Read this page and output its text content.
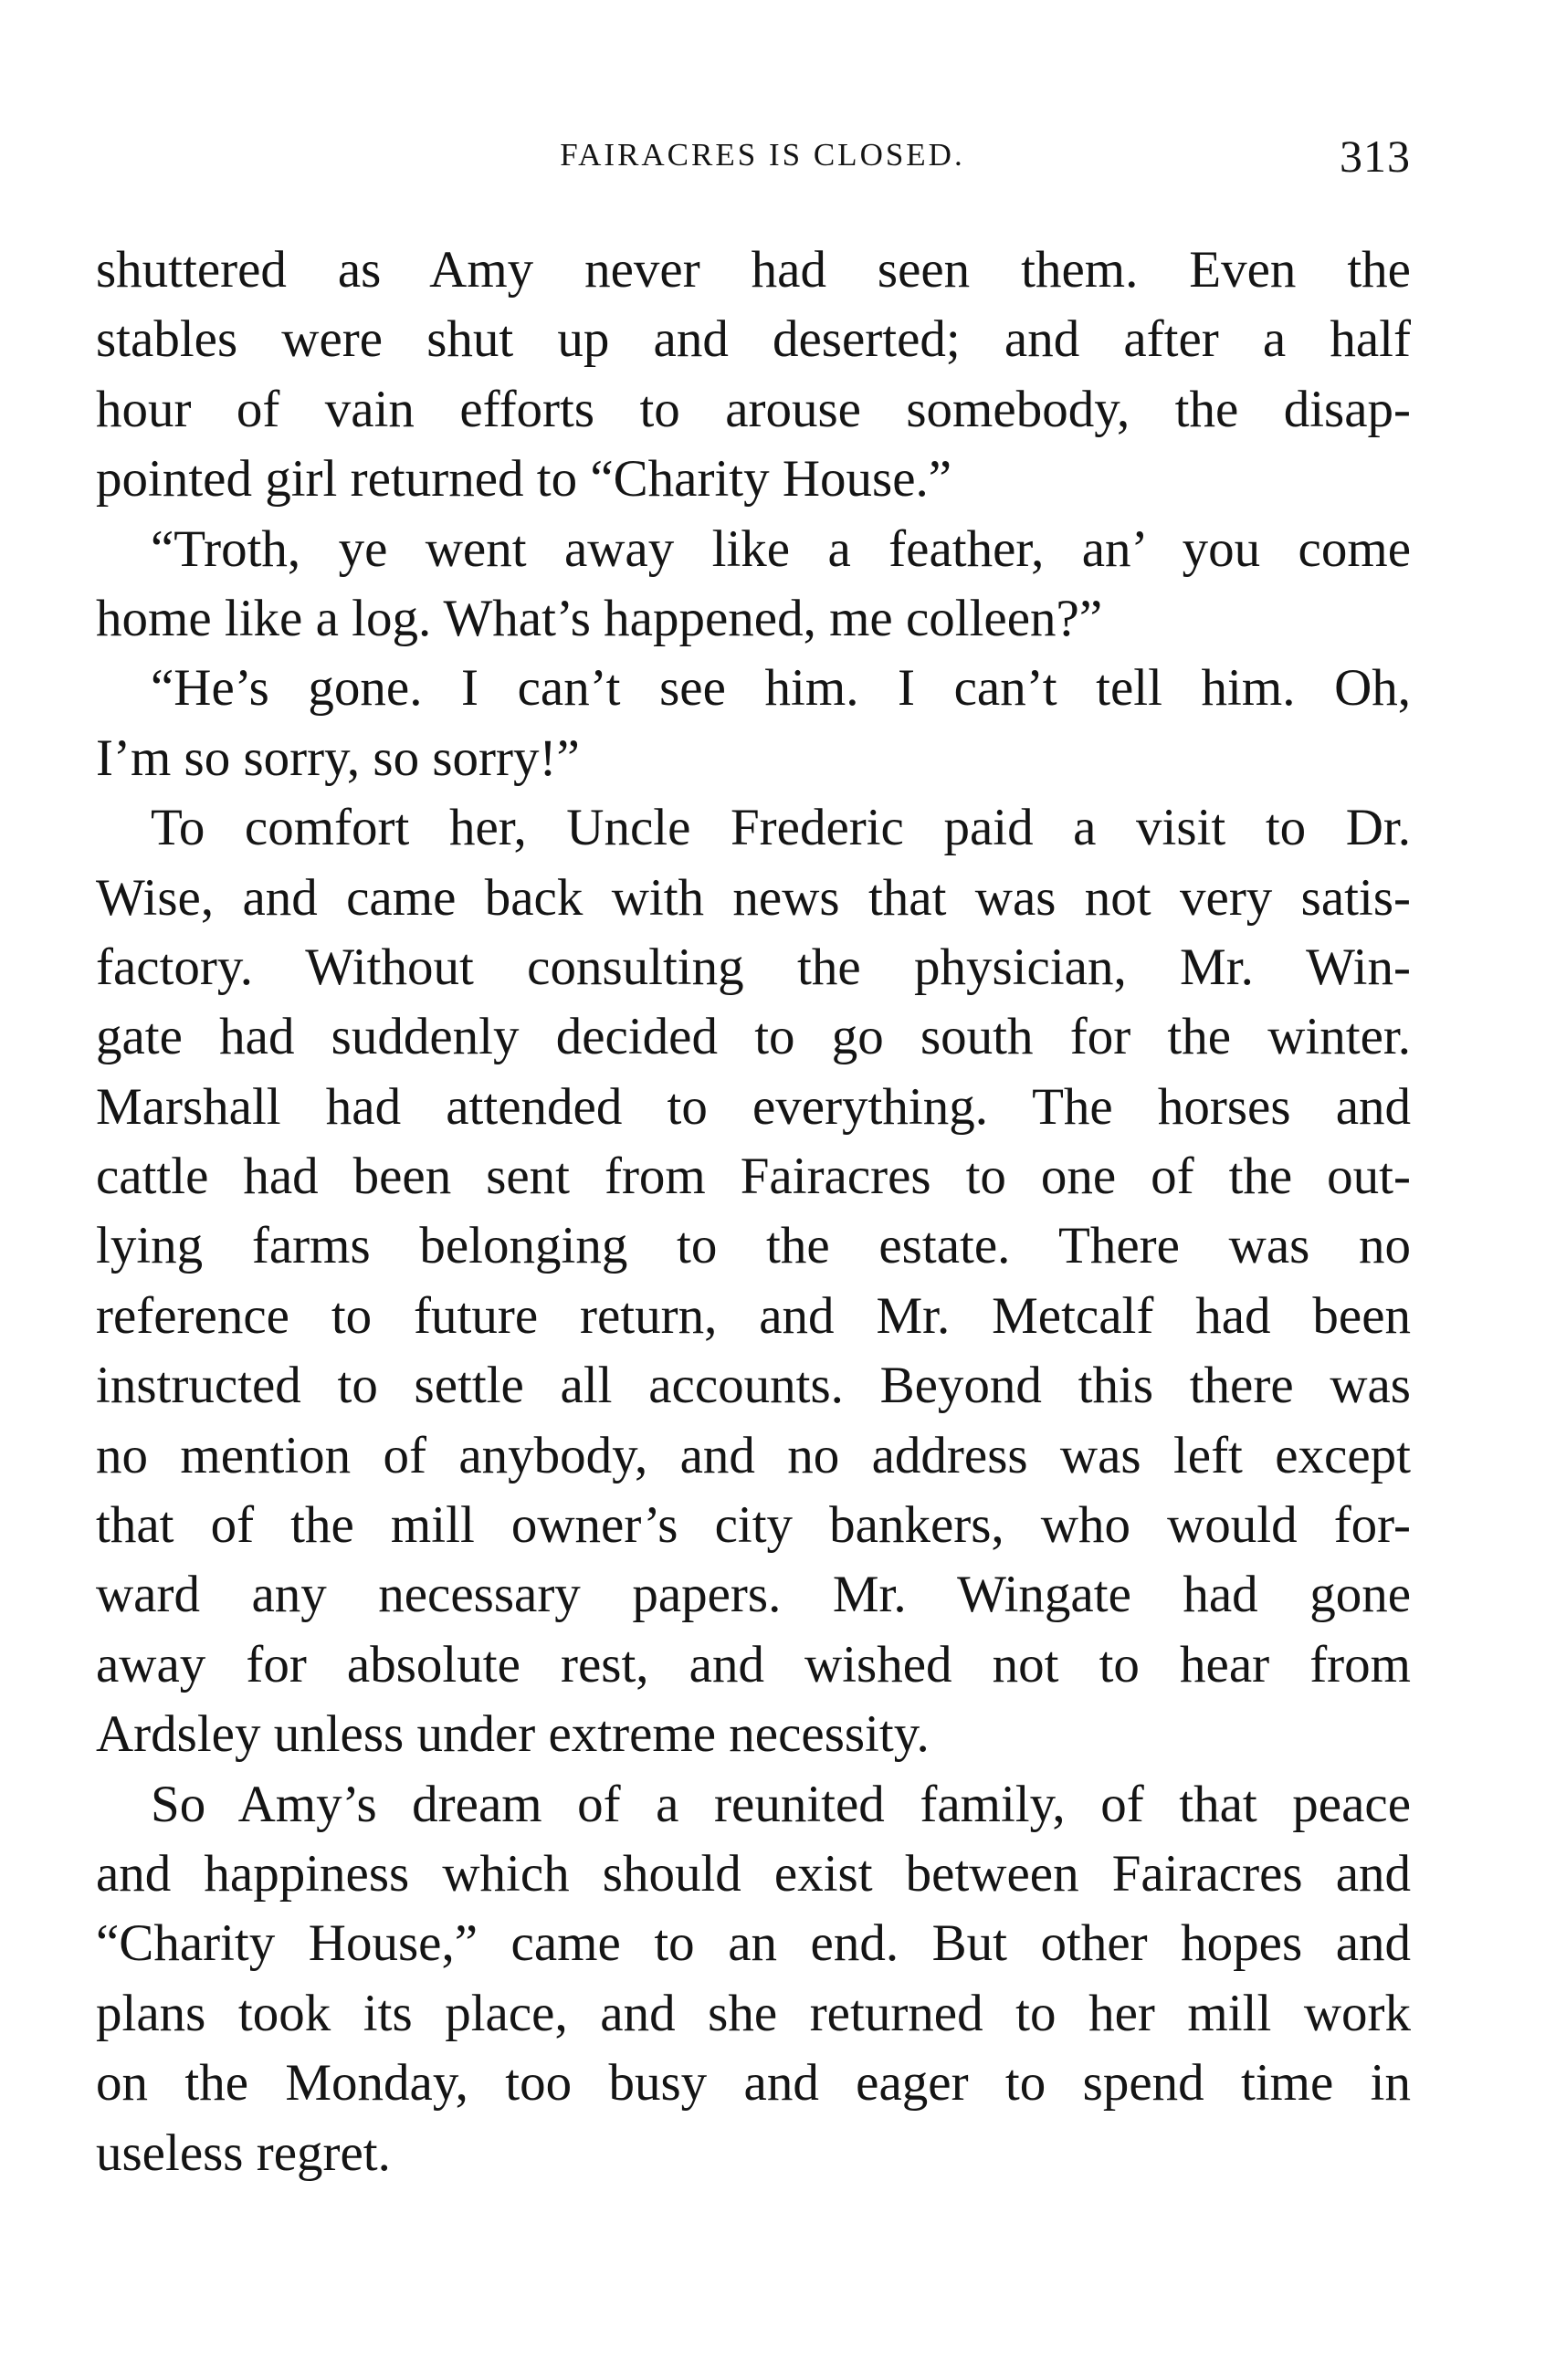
FAIRACRES IS CLOSED.	313
shuttered as Amy never had seen them. Even the
stables were shut up and deserted; and after a half
hour of vain efforts to arouse somebody, the disap-
pointed girl returned to “Charity House.”
“Troth, ye went away like a feather, an’ you come
home like a log. What’s happened, me colleen?”
“He’s gone. I can’t see him. I can’t tell him. Oh,
I’m so sorry, so sorry!”
To comfort her, Uncle Frederic paid a visit to Dr.
Wise, and came back with news that was not very satis-
factory. Without consulting the physician, Mr. Win-
gate had suddenly decided to go south for the winter.
Marshall had attended to everything. The horses and
cattle had been sent from Fairacres to one of the out-
lying farms belonging to the estate. There was no
reference to future return, and Mr. Metcalf had been
instructed to settle all accounts. Beyond this there was
no mention of anybody, and no address was left except
that of the mill owner’s city bankers, who would for-
ward any necessary papers. Mr. Wingate had gone
away for absolute rest, and wished not to hear from
Ardsley unless under extreme necessity.
So Amy’s dream of a reunited family, of that peace
and happiness which should exist between Fairacres and
“Charity House,” came to an end. But other hopes and
plans took its place, and she returned to her mill work
on the Monday, too busy and eager to spend time in
useless regret.
